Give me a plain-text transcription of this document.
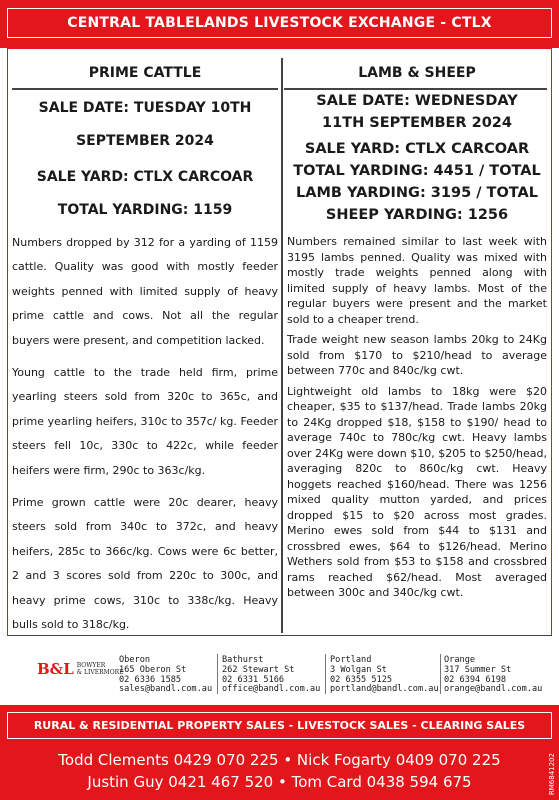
CENTRAL TABLELANDS LIVESTOCK EXCHANGE - CTLX
PRIME CATTLE
SALE DATE: TUESDAY 10TH SEPTEMBER 2024
SALE YARD: CTLX CARCOAR
TOTAL YARDING: 1159

Numbers dropped by 312 for a yarding of 1159 cattle. Quality was good with mostly feeder weights penned with limited supply of heavy prime cattle and cows. Not all the regular buyers were present, and competition lacked.

Young cattle to the trade held firm, prime yearling steers sold from 320c to 365c, and prime yearling heifers, 310c to 357c/ kg. Feeder steers fell 10c, 330c to 422c, while feeder heifers were firm, 290c to 363c/kg.

Prime grown cattle were 20c dearer, heavy steers sold from 340c to 372c, and heavy heifers, 285c to 366c/kg. Cows were 6c better, 2 and 3 scores sold from 220c to 300c, and heavy prime cows, 310c to 338c/kg. Heavy bulls sold to 318c/kg.

LAMB & SHEEP
SALE DATE: WEDNESDAY 11TH SEPTEMBER 2024
SALE YARD: CTLX CARCOAR TOTAL YARDING: 4451 / TOTAL LAMB YARDING: 3195 / TOTAL SHEEP YARDING: 1256

Numbers remained similar to last week with 3195 lambs penned. Quality was mixed with mostly trade weights penned along with limited supply of heavy lambs. Most of the regular buyers were present and the market sold to a cheaper trend.

Trade weight new season lambs 20kg to 24Kg sold from $170 to $210/head to average between 770c and 840c/kg cwt.

Lightweight old lambs to 18kg were $20 cheaper, $35 to $137/head. Trade lambs 20kg to 24Kg dropped $18, $158 to $190/ head to average 740c to 780c/kg cwt. Heavy lambs over 24Kg were down $10, $205 to $250/head, averaging 820c to 860c/kg cwt. Heavy hoggets reached $160/head. There was 1256 mixed quality mutton yarded, and prices dropped $15 to $20 across most grades. Merino ewes sold from $44 to $131 and crossbred ewes, $64 to $126/head. Merino Wethers sold from $53 to $158 and crossbred rams reached $62/head. Most averaged between 300c and 340c/kg cwt.

B&L BOWYER
& LIVERMORE
Oberon
165 Oberon St
02 6336 1585
sales@bandl.com.au
Bathurst
262 Stewart St
02 6331 5166
office@bandl.com.au
Portland
3 Wolgan St
02 6355 5125
portland@bandl.com.au
Orange
317 Summer St
02 6394 6198
orange@bandl.com.au
RURAL & RESIDENTIAL PROPERTY SALES - LIVESTOCK SALES - CLEARING SALES
Todd Clements 0429 070 225 • Nick Fogarty 0409 070 225
Justin Guy 0421 467 520 • Tom Card 0438 594 675	RM6841202
